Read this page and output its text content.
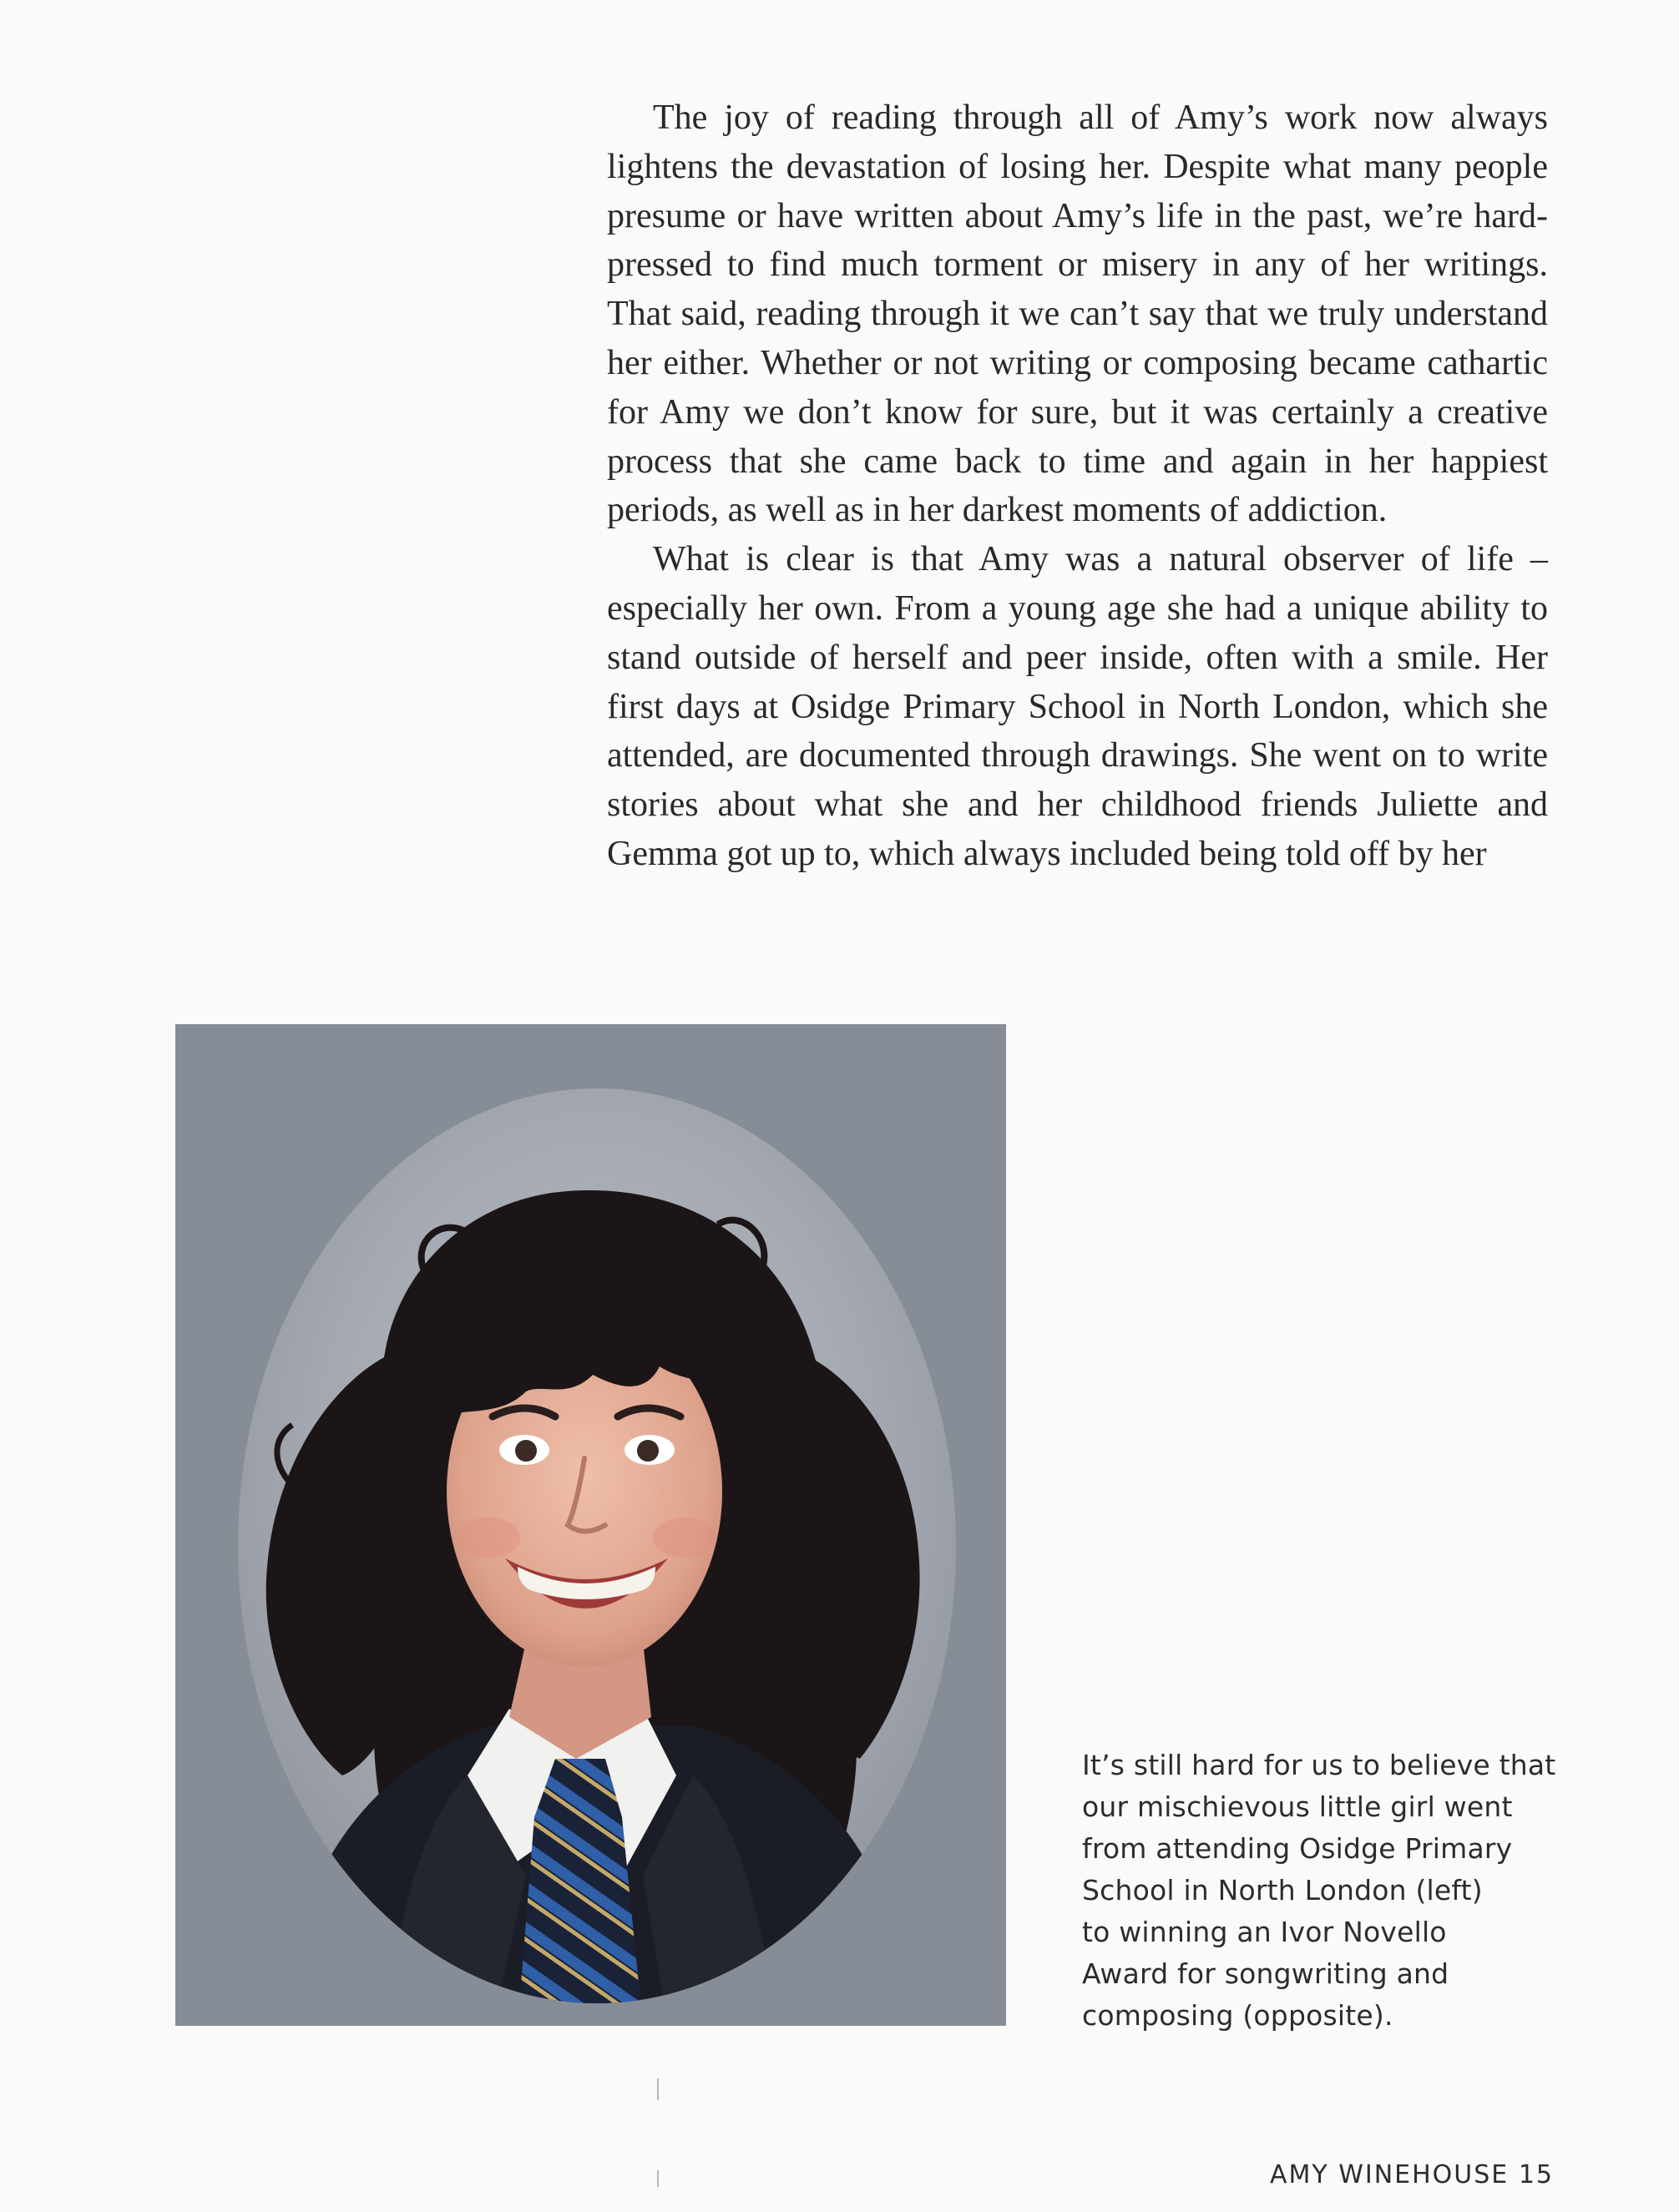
The joy of reading through all of Amy’s work now always lightens the devastation of losing her. Despite what many people presume or have written about Amy’s life in the past, we’re hard-pressed to find much torment or misery in any of her writings. That said, reading through it we can’t say that we truly understand her either. Whether or not writing or composing became cathartic for Amy we don’t know for sure, but it was certainly a creative process that she came back to time and again in her happiest periods, as well as in her darkest moments of addiction.

What is clear is that Amy was a natural observer of life – especially her own. From a young age she had a unique ability to stand outside of herself and peer inside, often with a smile. Her first days at Osidge Primary School in North London, which she attended, are documented through drawings. She went on to write stories about what she and her childhood friends Juliette and Gemma got up to, which always included being told off by her

It’s still hard for us to believe that
our mischievous little girl went
from attending Osidge Primary
School in North London (left)
to winning an Ivor Novello
Award for songwriting and
composing (opposite).
AMY WINEHOUSE 15
